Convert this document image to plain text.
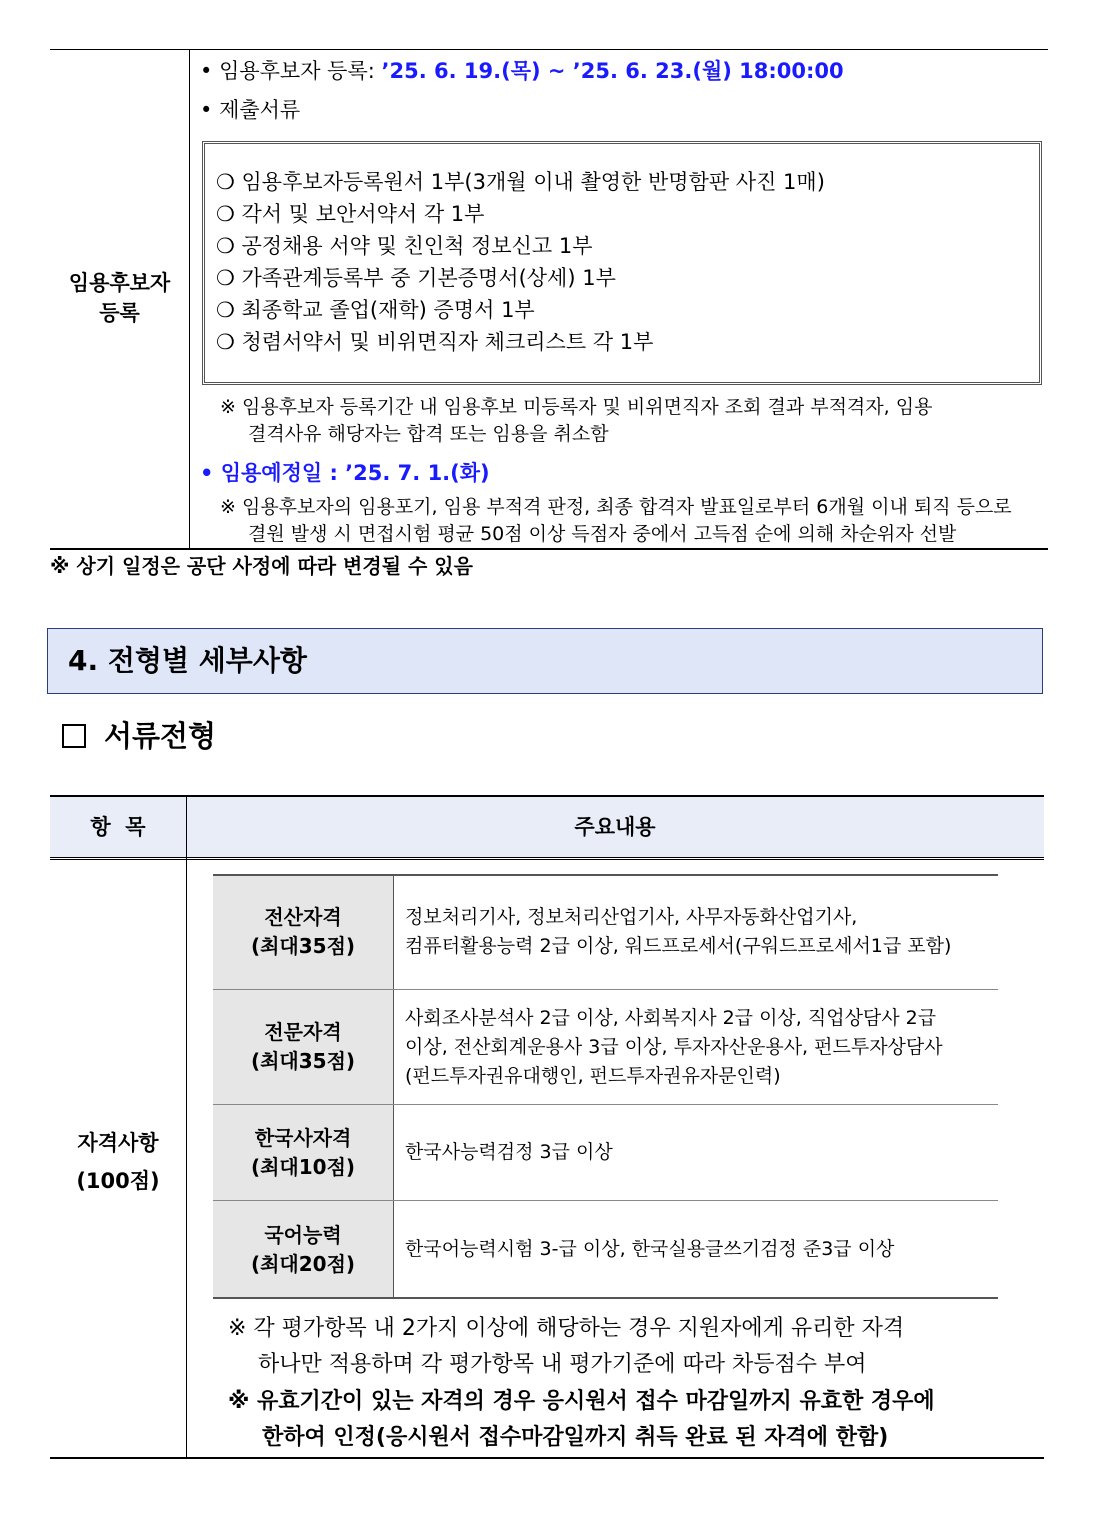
임용후보자
등록
• 임용후보자 등록: ’25. 6. 19.(목) ~ ’25. 6. 23.(월) 18:00:00
• 제출서류
❍ 임용후보자등록원서 1부(3개월 이내 촬영한 반명함판 사진 1매)
❍ 각서 및 보안서약서 각 1부
❍ 공정채용 서약 및 친인척 정보신고 1부
❍ 가족관계등록부 중 기본증명서(상세) 1부
❍ 최종학교 졸업(재학) 증명서 1부
❍ 청렴서약서 및 비위면직자 체크리스트 각 1부
※ 임용후보자 등록기간 내 임용후보 미등록자 및 비위면직자 조회 결과 부적격자, 임용
결격사유 해당자는 합격 또는 임용을 취소함
• 임용예정일 : ’25. 7. 1.(화)
※ 임용후보자의 임용포기, 임용 부적격 판정, 최종 합격자 발표일로부터 6개월 이내 퇴직 등으로
결원 발생 시 면접시험 평균 50점 이상 득점자 중에서 고득점 순에 의해 차순위자 선발
※ 상기 일정은 공단 사정에 따라 변경될 수 있음
4. 전형별 세부사항
서류전형
항  목	주요내용
자격사항
(100점)
전산자격
(최대35점)
정보처리기사, 정보처리산업기사, 사무자동화산업기사,
컴퓨터활용능력 2급 이상, 워드프로세서(구워드프로세서1급 포함)
전문자격
(최대35점)
사회조사분석사 2급 이상, 사회복지사 2급 이상, 직업상담사 2급
이상, 전산회계운용사 3급 이상, 투자자산운용사, 펀드투자상담사
(펀드투자권유대행인, 펀드투자권유자문인력)
한국사자격
(최대10점)
한국사능력검정 3급 이상
국어능력
(최대20점)
한국어능력시험 3-급 이상, 한국실용글쓰기검정 준3급 이상
※ 각 평가항목 내 2가지 이상에 해당하는 경우 지원자에게 유리한 자격
하나만 적용하며 각 평가항목 내 평가기준에 따라 차등점수 부여
※ 유효기간이 있는 자격의 경우 응시원서 접수 마감일까지 유효한 경우에
한하여 인정(응시원서 접수마감일까지 취득 완료 된 자격에 한함)
